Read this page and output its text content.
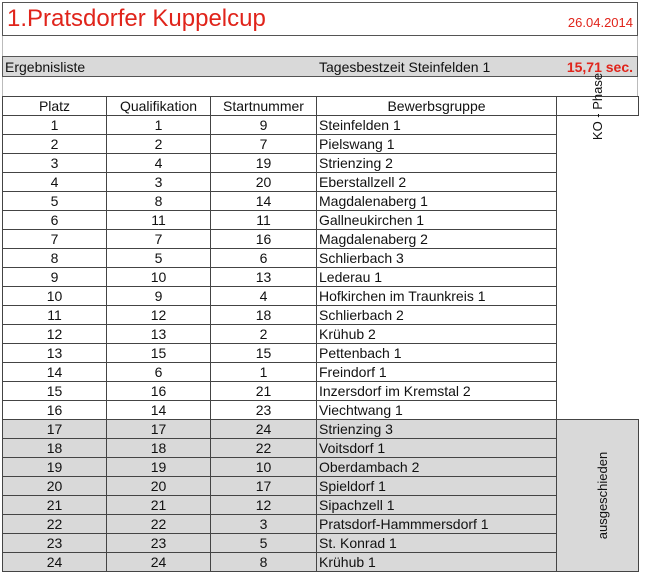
1.Pratsdorfer Kuppelcup	26.04.2014
Ergebnisliste	Tagesbestzeit Steinfelden 1	15,71 sec.
Platz	Qualifikation	Startnummer	Bewerbsgruppe	KO - Phase
1	1	9	Steinfelden 1	
2	2	7	Pielswang 1	
3	4	19	Strienzing 2	
4	3	20	Eberstallzell 2	
5	8	14	Magdalenaberg 1	
6	11	11	Gallneukirchen 1	
7	7	16	Magdalenaberg 2	
8	5	6	Schlierbach 3	
9	10	13	Lederau 1	
10	9	4	Hofkirchen im Traunkreis 1	
11	12	18	Schlierbach 2	
12	13	2	Krühub 2	
13	15	15	Pettenbach 1	
14	6	1	Freindorf 1	
15	16	21	Inzersdorf im Kremstal 2	
16	14	23	Viechtwang 1	
17	17	24	Strienzing 3	ausgeschieden
18	18	22	Voitsdorf 1	
19	19	10	Oberdambach 2	
20	20	17	Spieldorf 1	
21	21	12	Sipachzell 1	
22	22	3	Pratsdorf-Hammmersdorf 1	
23	23	5	St. Konrad 1	
24	24	8	Krühub 1	
